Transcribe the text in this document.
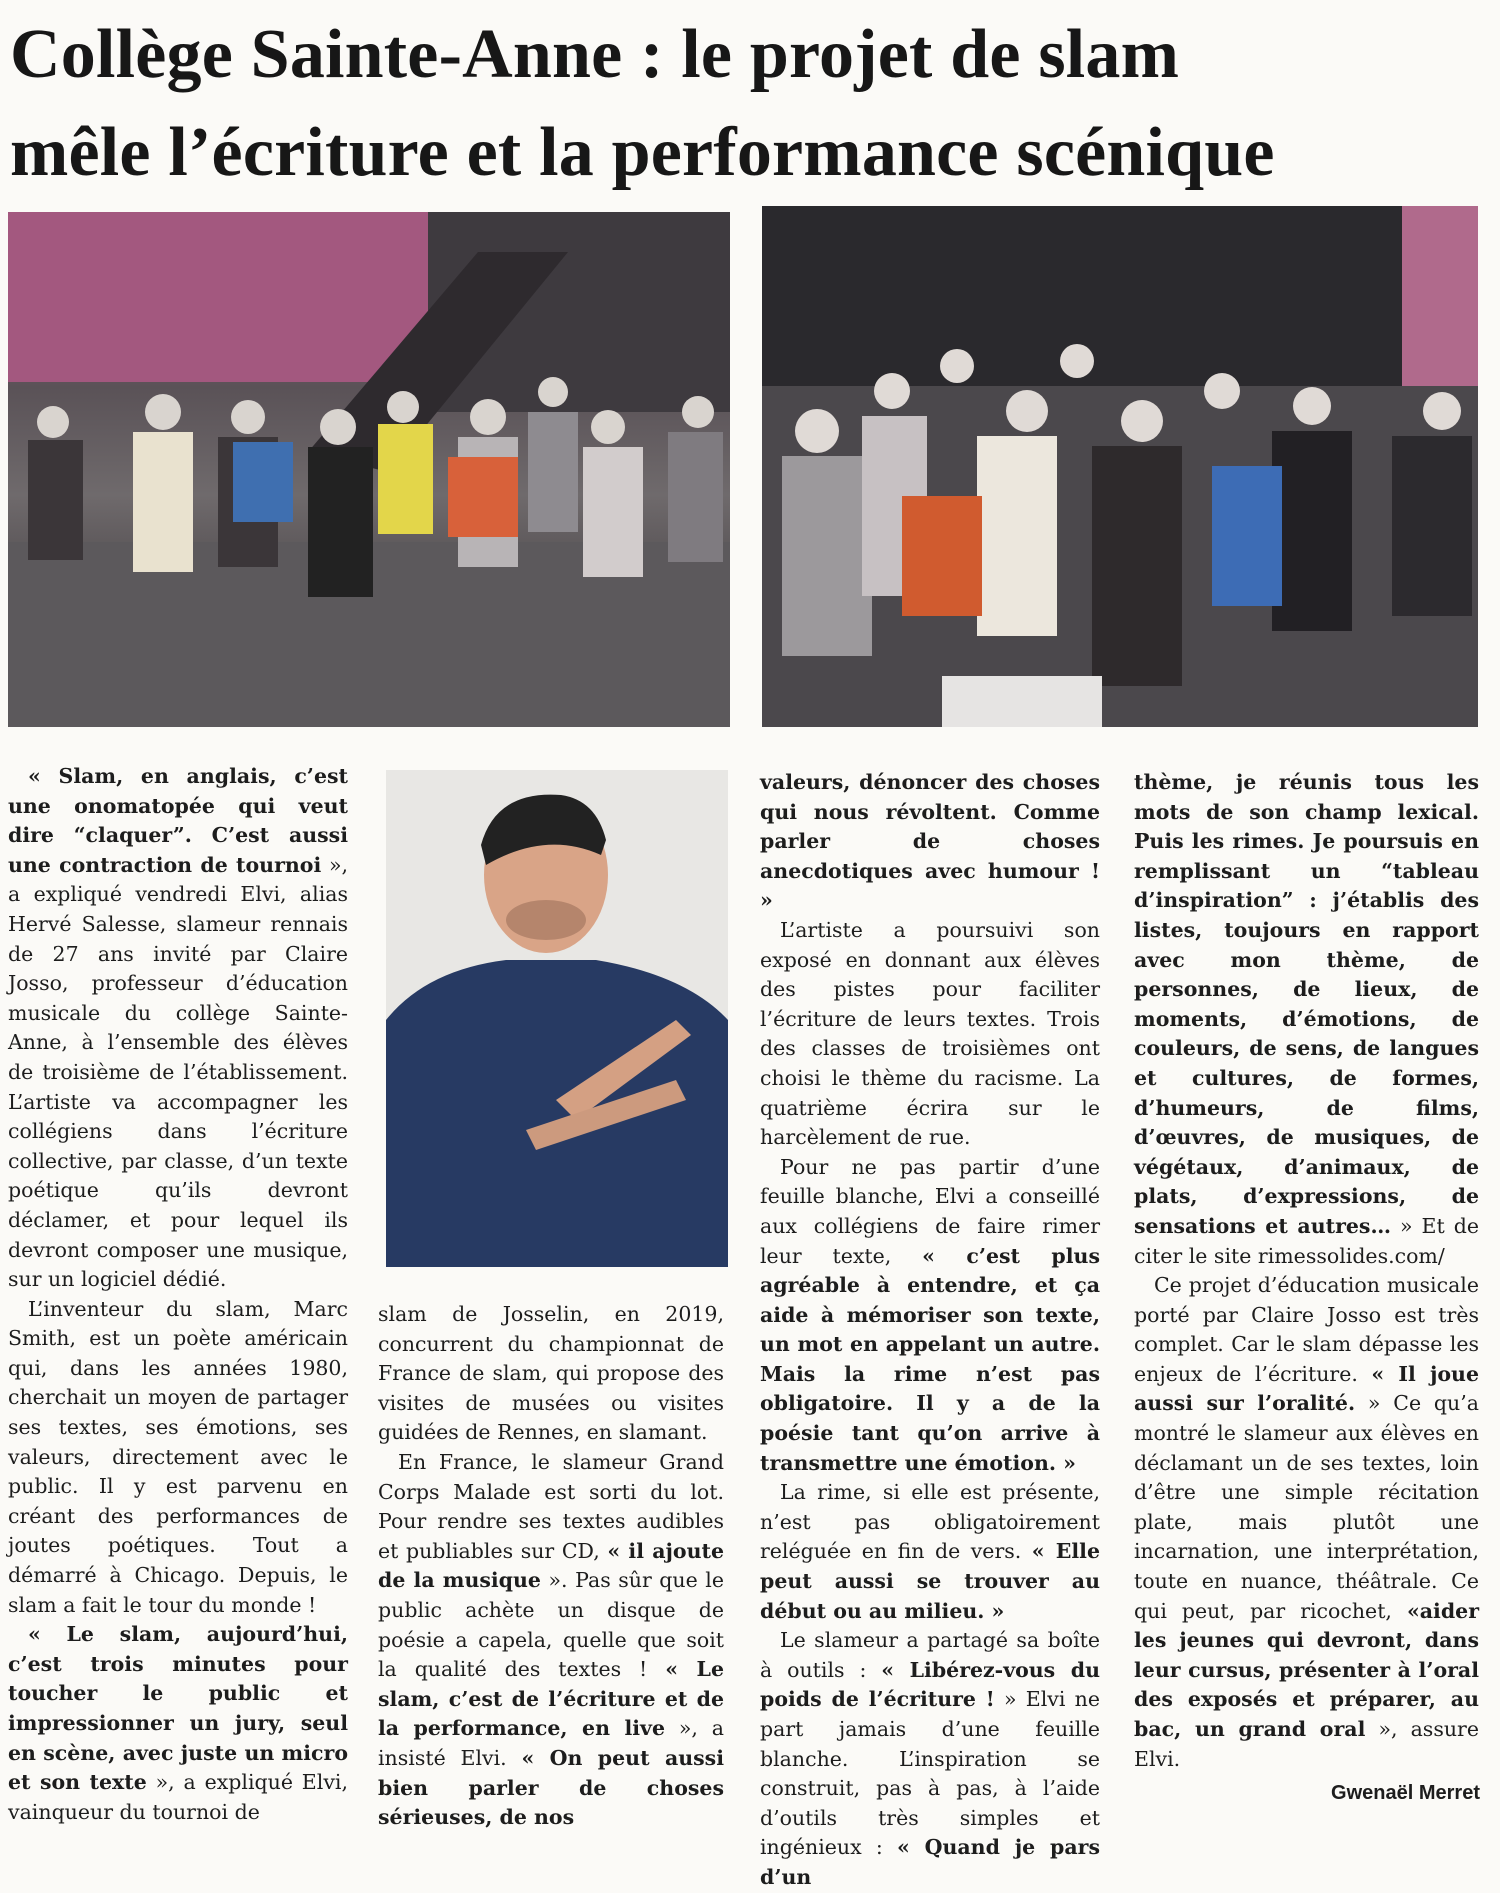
Collège Sainte-Anne : le projet de slam
mêle l’écriture et la performance scénique

« Slam, en anglais, c’est une onomatopée qui veut dire “claquer”. C’est aussi une contraction de tournoi », a expliqué vendredi Elvi, alias Hervé Salesse, slameur rennais de 27 ans invité par Claire Josso, professeur d’éducation musicale du collège Sainte-Anne, à l’ensemble des élèves de troisième de l’établissement. L’artiste va accompagner les collégiens dans l’écriture collective, par classe, d’un texte poétique qu’ils devront déclamer, et pour lequel ils devront composer une musique, sur un logiciel dédié.

L’inventeur du slam, Marc Smith, est un poète américain qui, dans les années 1980, cherchait un moyen de partager ses textes, ses émotions, ses valeurs, directement avec le public. Il y est parvenu en créant des performances de joutes poétiques. Tout a démarré à Chicago. Depuis, le slam a fait le tour du monde !

« Le slam, aujourd’hui, c’est trois minutes pour toucher le public et impressionner un jury, seul en scène, avec juste un micro et son texte », a expliqué Elvi, vainqueur du tournoi de

slam de Josselin, en 2019, concurrent du championnat de France de slam, qui propose des visites de musées ou visites guidées de Rennes, en slamant.

En France, le slameur Grand Corps Malade est sorti du lot. Pour rendre ses textes audibles et publiables sur CD, « il ajoute de la musique ». Pas sûr que le public achète un disque de poésie a capela, quelle que soit la qualité des textes ! « Le slam, c’est de l’écriture et de la performance, en live », a insisté Elvi. « On peut aussi bien parler de choses sérieuses, de nos

valeurs, dénoncer des choses qui nous révoltent. Comme parler de choses anecdotiques avec humour ! »

L’artiste a poursuivi son exposé en donnant aux élèves des pistes pour faciliter l’écriture de leurs textes. Trois des classes de troisièmes ont choisi le thème du racisme. La quatrième écrira sur le harcèlement de rue.

Pour ne pas partir d’une feuille blanche, Elvi a conseillé aux collégiens de faire rimer leur texte, « c’est plus agréable à entendre, et ça aide à mémoriser son texte, un mot en appelant un autre. Mais la rime n’est pas obligatoire. Il y a de la poésie tant qu’on arrive à transmettre une émotion. »

La rime, si elle est présente, n’est pas obligatoirement reléguée en fin de vers. « Elle peut aussi se trouver au début ou au milieu. »

Le slameur a partagé sa boîte à outils : « Libérez-vous du poids de l’écriture ! » Elvi ne part jamais d’une feuille blanche. L’inspiration se construit, pas à pas, à l’aide d’outils très simples et ingénieux : « Quand je pars d’un

thème, je réunis tous les mots de son champ lexical. Puis les rimes. Je poursuis en remplissant un “tableau d’inspiration” : j’établis des listes, toujours en rapport avec mon thème, de personnes, de lieux, de moments, d’émotions, de couleurs, de sens, de langues et cultures, de formes, d’humeurs, de films, d’œuvres, de musiques, de végétaux, d’animaux, de plats, d’expressions, de sensations et autres… » Et de citer le site rimessolides.com/

Ce projet d’éducation musicale porté par Claire Josso est très complet. Car le slam dépasse les enjeux de l’écriture. « Il joue aussi sur l’oralité. » Ce qu’a montré le slameur aux élèves en déclamant un de ses textes, loin d’être une simple récitation plate, mais plutôt une incarnation, une interprétation, toute en nuance, théâtrale. Ce qui peut, par ricochet, «aider les jeunes qui devront, dans leur cursus, présenter à l’oral des exposés et préparer, au bac, un grand oral », assure Elvi.

Gwenaël Merret
